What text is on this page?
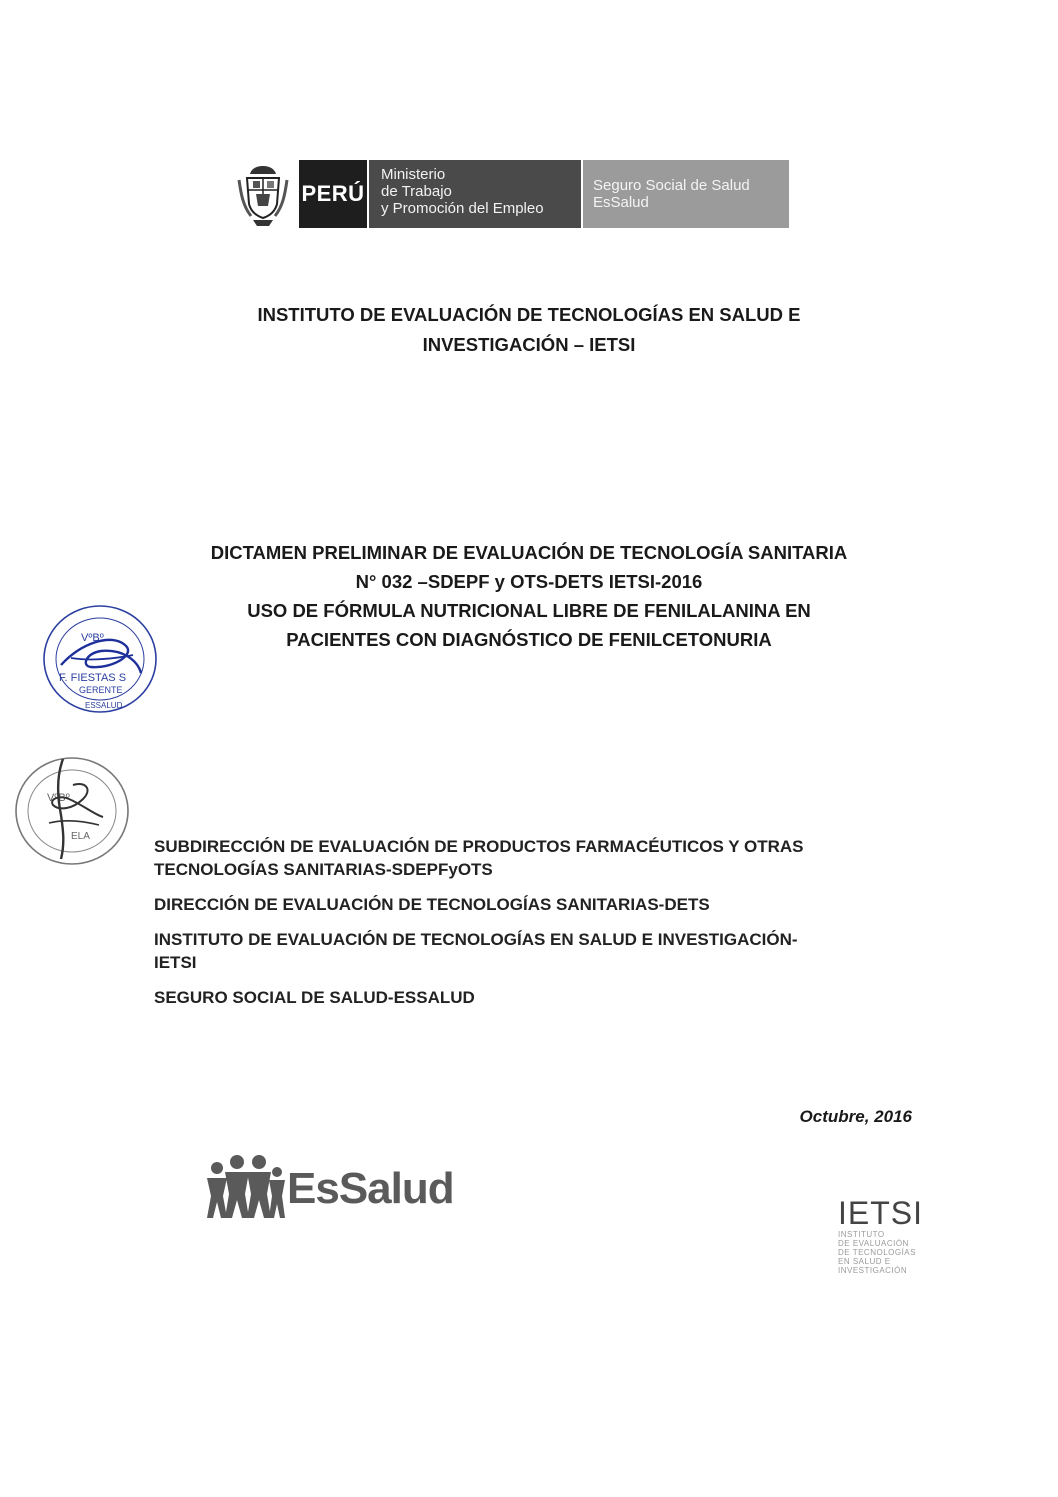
PERÚ
Ministerio
de Trabajo
y Promoción del Empleo
Seguro Social de Salud
EsSalud
INSTITUTO DE EVALUACIÓN DE TECNOLOGÍAS EN SALUD E
INVESTIGACIÓN – IETSI
DICTAMEN PRELIMINAR DE EVALUACIÓN DE TECNOLOGÍA SANITARIA
N° 032 –SDEPF y OTS-DETS IETSI-2016
USO DE FÓRMULA NUTRICIONAL LIBRE DE FENILALANINA EN
PACIENTES CON DIAGNÓSTICO DE FENILCETONURIA
VºBº
F. FIESTAS S
GERENTE
ESSALUD
VºBº
ELA

SUBDIRECCIÓN DE EVALUACIÓN DE PRODUCTOS FARMACÉUTICOS Y OTRAS
TECNOLOGÍAS SANITARIAS-SDEPFyOTS

DIRECCIÓN DE EVALUACIÓN DE TECNOLOGÍAS SANITARIAS-DETS

INSTITUTO DE EVALUACIÓN DE TECNOLOGÍAS EN SALUD E INVESTIGACIÓN-
IETSI

SEGURO SOCIAL DE SALUD-ESSALUD

Octubre, 2016
EsSalud	IETSI
INSTITUTO
DE EVALUACIÓN
DE TECNOLOGÍAS
EN SALUD E
INVESTIGACIÓN
